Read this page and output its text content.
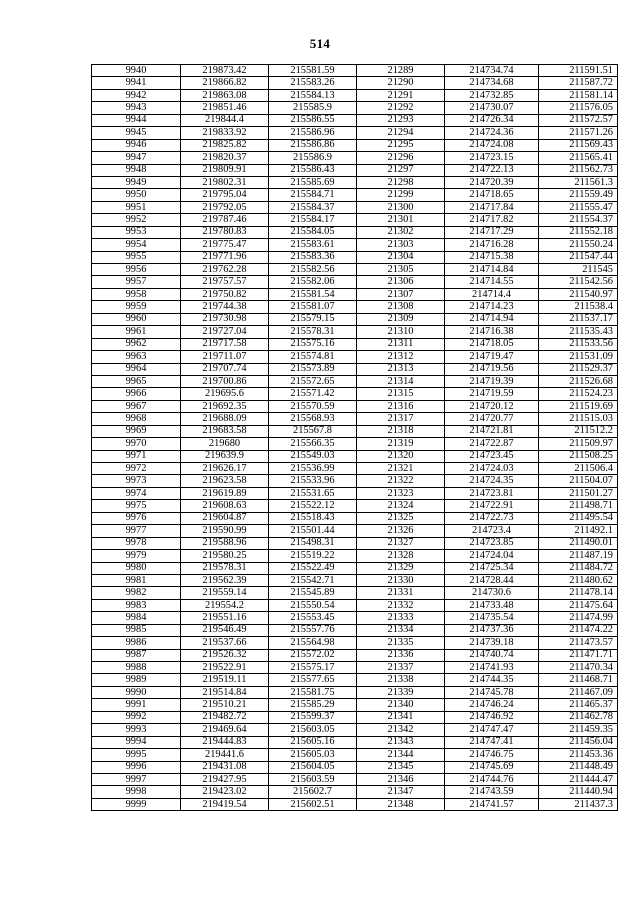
514
9940	219873.42	215581.59	21289	214734.74	211591.51
9941	219866.82	215583.26	21290	214734.68	211587.72
9942	219863.08	215584.13	21291	214732.85	211581.14
9943	219851.46	215585.9	21292	214730.07	211576.05
9944	219844.4	215586.55	21293	214726.34	211572.57
9945	219833.92	215586.96	21294	214724.36	211571.26
9946	219825.82	215586.86	21295	214724.08	211569.43
9947	219820.37	215586.9	21296	214723.15	211565.41
9948	219809.91	215586.43	21297	214722.13	211562.73
9949	219802.31	215585.69	21298	214720.39	211561.3
9950	219795.04	215584.71	21299	214718.65	211559.49
9951	219792.05	215584.37	21300	214717.84	211555.47
9952	219787.46	215584.17	21301	214717.82	211554.37
9953	219780.83	215584.05	21302	214717.29	211552.18
9954	219775.47	215583.61	21303	214716.28	211550.24
9955	219771.96	215583.36	21304	214715.38	211547.44
9956	219762.28	215582.56	21305	214714.84	211545
9957	219757.57	215582.06	21306	214714.55	211542.56
9958	219750.82	215581.54	21307	214714.4	211540.97
9959	219744.38	215581.07	21308	214714.23	211538.4
9960	219730.98	215579.15	21309	214714.94	211537.17
9961	219727.04	215578.31	21310	214716.38	211535.43
9962	219717.58	215575.16	21311	214718.05	211533.56
9963	219711.07	215574.81	21312	214719.47	211531.09
9964	219707.74	215573.89	21313	214719.56	211529.37
9965	219700.86	215572.65	21314	214719.39	211526.68
9966	219695.6	215571.42	21315	214719.59	211524.23
9967	219692.35	215570.59	21316	214720.12	211519.69
9968	219688.09	215568.93	21317	214720.77	211515.03
9969	219683.58	215567.8	21318	214721.81	211512.2
9970	219680	215566.35	21319	214722.87	211509.97
9971	219639.9	215549.03	21320	214723.45	211508.25
9972	219626.17	215536.99	21321	214724.03	211506.4
9973	219623.58	215533.96	21322	214724.35	211504.07
9974	219619.89	215531.65	21323	214723.81	211501.27
9975	219608.63	215522.12	21324	214722.91	211498.71
9976	219604.87	215518.43	21325	214722.73	211495.54
9977	219590.99	215501.44	21326	214723.4	211492.1
9978	219588.96	215498.31	21327	214723.85	211490.01
9979	219580.25	215519.22	21328	214724.04	211487.19
9980	219578.31	215522.49	21329	214725.34	211484.72
9981	219562.39	215542.71	21330	214728.44	211480.62
9982	219559.14	215545.89	21331	214730.6	211478.14
9983	219554.2	215550.54	21332	214733.48	211475.64
9984	219551.16	215553.45	21333	214735.54	211474.99
9985	219546.49	215557.76	21334	214737.36	211474.22
9986	219537.66	215564.98	21335	214739.18	211473.57
9987	219526.32	215572.02	21336	214740.74	211471.71
9988	219522.91	215575.17	21337	214741.93	211470.34
9989	219519.11	215577.65	21338	214744.35	211468.71
9990	219514.84	215581.75	21339	214745.78	211467.09
9991	219510.21	215585.29	21340	214746.24	211465.37
9992	219482.72	215599.37	21341	214746.92	211462.78
9993	219469.64	215603.05	21342	214747.47	211459.35
9994	219444.83	215605.16	21343	214747.41	211456.04
9995	219441.6	215605.03	21344	214746.75	211453.36
9996	219431.08	215604.05	21345	214745.69	211448.49
9997	219427.95	215603.59	21346	214744.76	211444.47
9998	219423.02	215602.7	21347	214743.59	211440.94
9999	219419.54	215602.51	21348	214741.57	211437.3
